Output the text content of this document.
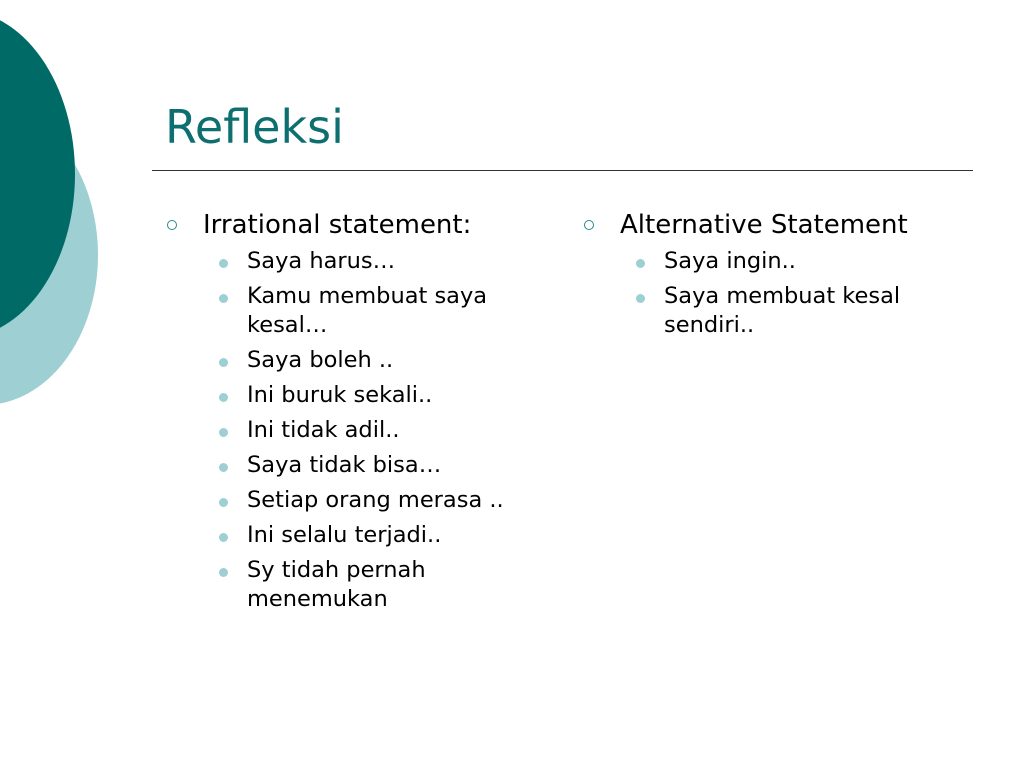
Refleksi
Irrational statement:
Saya harus…
Kamu membuat saya kesal…
Saya boleh ..
Ini buruk sekali..
Ini tidak adil..
Saya tidak bisa…
Setiap orang merasa ..
Ini selalu terjadi..
Sy tidah pernah menemukan
Alternative Statement
Saya ingin..
Saya membuat kesal sendiri..
